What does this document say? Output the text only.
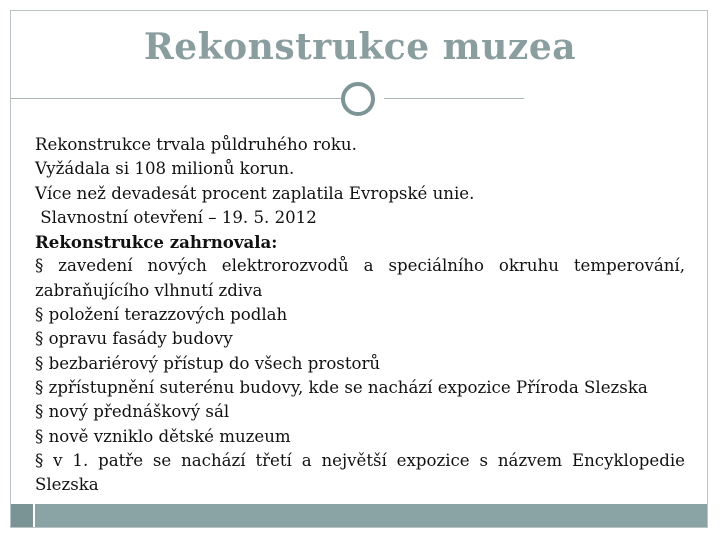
Rekonstrukce muzea

Rekonstrukce trvala půldruhého roku.

Vyžádala si 108 milionů korun.

Více než devadesát procent zaplatila Evropské unie.

Slavnostní otevření – 19. 5. 2012

Rekonstrukce zahrnovala:

§ zavedení nových elektrorozvodů a speciálního okruhu temperování, zabraňujícího vlhnutí zdiva

§ položení terazzových podlah

§ opravu fasády budovy

§ bezbariérový přístup do všech prostorů

§ zpřístupnění suterénu budovy, kde se nachází expozice Příroda Slezska

§ nový přednáškový sál

§ nově vzniklo dětské muzeum

§ v 1. patře se nachází třetí a největší expozice s názvem Encyklopedie Slezska
